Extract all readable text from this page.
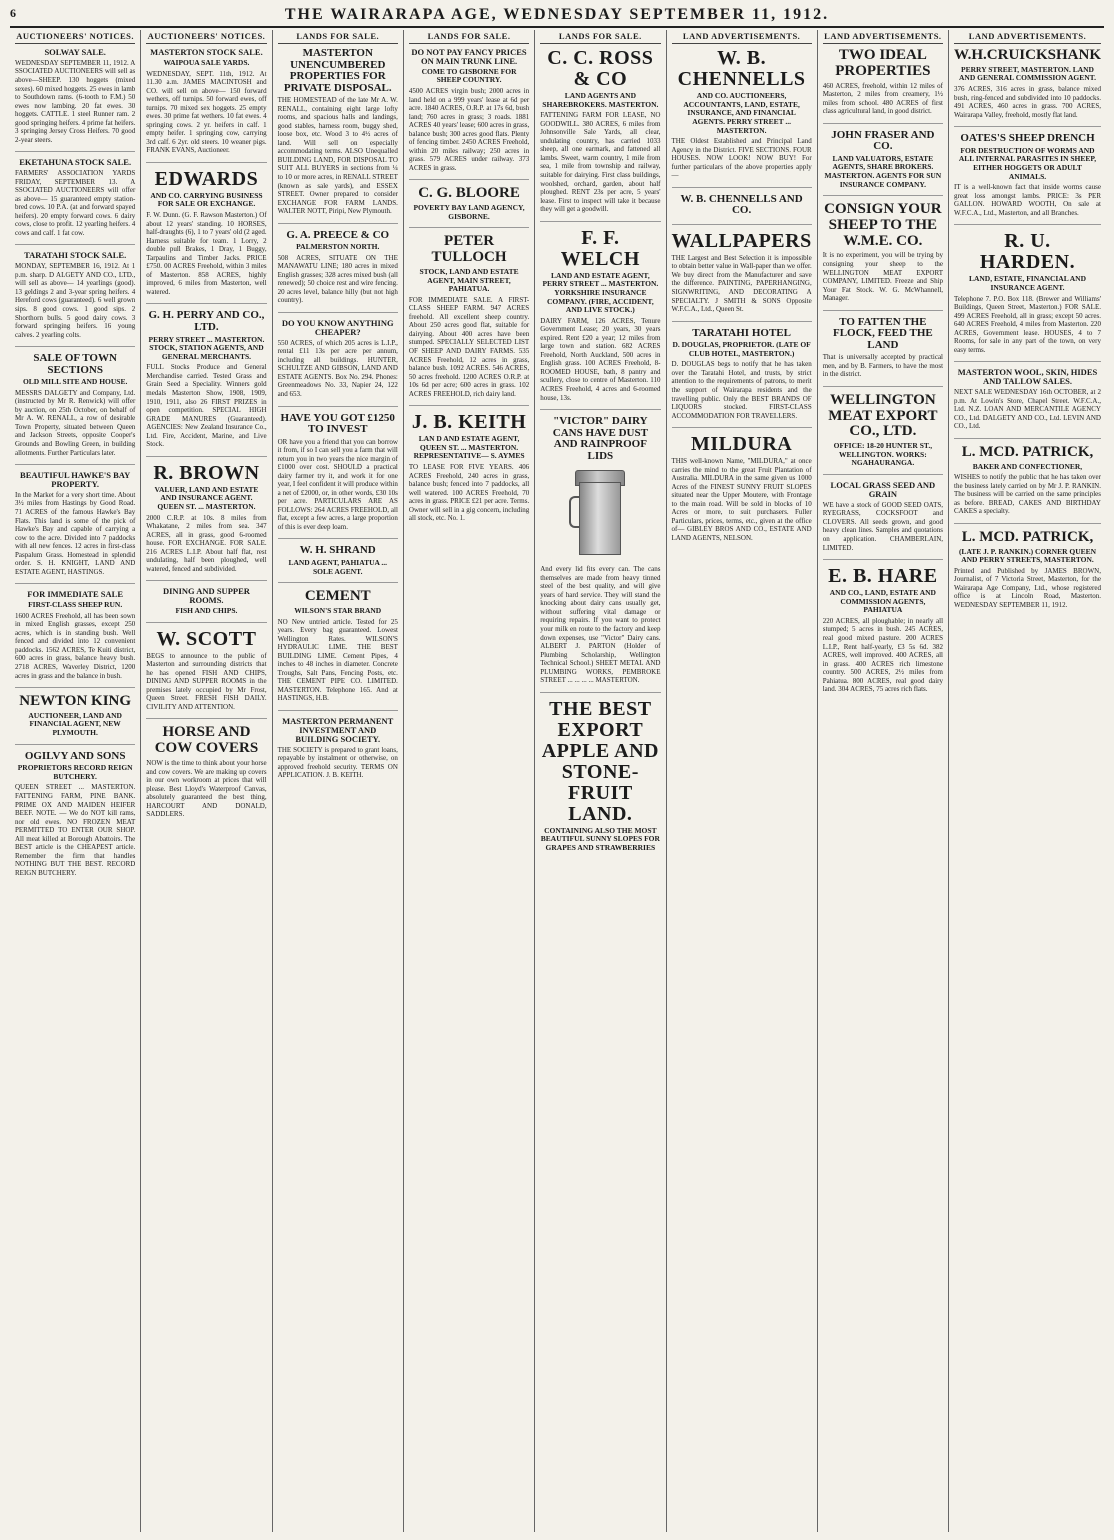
6	THE WAIRARAPA AGE, WEDNESDAY SEPTEMBER 11, 1912.
AUCTIONEERS' NOTICES.
SOLWAY SALE.
WEDNESDAY SEPTEMBER 11, 1912. A SSOCIATED AUCTIONEERS will sell as above—SHEEP. 130 hoggets (mixed sexes). 60 mixed hoggets. 25 ewes in lamb to Southdown rams. (6-tooth to F.M.) 50 ewes now lambing. 20 fat ewes. 30 hoggets. CATTLE. 1 steel Runner ram. 2 good springing heifers. 4 prime fat heifers. 3 springing Jersey Cross Heifers. 70 good 2-year steers.
EKETAHUNA STOCK SALE.
FARMERS' ASSOCIATION YARDS FRIDAY, SEPTEMBER 13. A SSOCIATED AUCTIONEERS will offer as above— 15 guaranteed empty station-bred cows. 10 P.A. (at and forward spayed heifers). 20 empty forward cows. 6 dairy cows, close to profit. 12 yearling heifers. 4 cows and calf. 1 fat cow.
TARATAHI STOCK SALE.
MONDAY, SEPTEMBER 16, 1912. At 1 p.m. sharp. D ALGETY AND CO., LTD., will sell as above— 14 yearlings (good). 13 geldings 2 and 3-year spring heifers. 4 Hereford cows (guaranteed). 6 well grown sips. 8 good cows. 1 good sips. 2 Shorthorn bulls. 5 good dairy cows. 3 forward springing heifers. 16 young calves. 2 yearling colts.
SALE OF TOWN SECTIONS
OLD MILL SITE AND HOUSE.
MESSRS DALGETY and Company, Ltd. (instructed by Mr R. Renwick) will offer by auction, on 25th October, on behalf of Mr A. W. RENALL, a row of desirable Town Property, situated between Queen and Jackson Streets, opposite Cooper's Grounds and Bowling Green, in building allotments. Further Particulars later.
BEAUTIFUL HAWKE'S BAY PROPERTY.
In the Market for a very short time. About 3½ miles from Hastings by Good Road. 71 ACRES of the famous Hawke's Bay Flats. This land is some of the pick of Hawke's Bay and capable of carrying a cow to the acre. Divided into 7 paddocks with all new fences. 12 acres in first-class Paspalum Grass. Homestead in splendid order. S. H. KNIGHT, LAND AND ESTATE AGENT, HASTINGS.
FOR IMMEDIATE SALE
FIRST-CLASS SHEEP RUN.
1600 ACRES Freehold, all has been sown in mixed English grasses, except 250 acres, which is in standing bush. Well fenced and divided into 12 convenient paddocks. 1562 ACRES, Te Kuiti district, 600 acres in grass, balance heavy bush. 2718 ACRES, Waverley District, 1200 acres in grass and the balance in bush.
NEWTON KING
AUCTIONEER, LAND AND FINANCIAL AGENT, NEW PLYMOUTH.
OGILVY AND SONS
PROPRIETORS RECORD REIGN BUTCHERY.
QUEEN STREET ... MASTERTON. FATTENING FARM, PINE BANK. PRIME OX AND MAIDEN HEIFER BEEF. NOTE. — We do NOT kill rams, nor old ewes. NO FROZEN MEAT PERMITTED TO ENTER OUR SHOP. All meat killed at Borough Abattoirs. The BEST article is the CHEAPEST article. Remember the firm that handles NOTHING BUT THE BEST. RECORD REIGN BUTCHERY.
AUCTIONEERS' NOTICES.
MASTERTON STOCK SALE.
WAIPOUA SALE YARDS.
WEDNESDAY, SEPT. 11th, 1912. At 11.30 a.m. JAMES MACINTOSH and CO. will sell on above— 150 forward wethers, off turnips. 50 forward ewes, off turnips. 70 mixed sex hoggets. 25 empty ewes. 30 prime fat wethers. 10 fat ewes. 4 springing cows. 2 yr. heifers in calf. 1 empty heifer. 1 springing cow, carrying 3rd calf. 6 2yr. old steers. 10 weaner pigs. FRANK EVANS, Auctioneer.
EDWARDS
AND CO. CARRYING BUSINESS FOR SALE OR EXCHANGE.
F. W. Dunn. (G. F. Rawson Masterton.) Of about 12 years' standing. 10 HORSES, half-draughts (6), 1 to 7 years' old (2 aged. Harness suitable for team. 1 Lorry, 2 double pull Brakes, 1 Dray, 1 Buggy, Tarpaulins and Timber Jacks. PRICE £750. 00 ACRES Freehold, within 3 miles of Masterton. 858 ACRES, highly improved, 6 miles from Masterton, well watered.
G. H. PERRY AND CO., LTD.
PERRY STREET ... MASTERTON. STOCK, STATION AGENTS, AND GENERAL MERCHANTS.
FULL Stocks Produce and General Merchandise carried. Tested Grass and Grain Seed a Speciality. Winners gold medals Masterton Show, 1908, 1909, 1910, 1911, also 26 FIRST PRIZES in open competition. SPECIAL HIGH GRADE MANURES (Guaranteed). AGENCIES: New Zealand Insurance Co., Ltd. Fire, Accident, Marine, and Live Stock.
R. BROWN
VALUER, LAND AND ESTATE AND INSURANCE AGENT. QUEEN ST. ... MASTERTON.
2000 C.R.P. at 10s. 8 miles from Whakatane, 2 miles from sea. 347 ACRES, all in grass, good 6-roomed house. FOR EXCHANGE. FOR SALE. 216 ACRES L.I.P. About half flat, rest undulating, half been ploughed, well watered, fenced and subdivided.
DINING AND SUPPER ROOMS.
FISH AND CHIPS.
W. SCOTT
BEGS to announce to the public of Masterton and surrounding districts that he has opened FISH AND CHIPS, DINING AND SUPPER ROOMS in the premises lately occupied by Mr Frost, Queen Street. FRESH FISH DAILY. CIVILITY AND ATTENTION.
HORSE AND COW COVERS
NOW is the time to think about your horse and cow covers. We are making up covers in our own workroom at prices that will please. Best Lloyd's Waterproof Canvas, absolutely guaranteed the best thing, HARCOURT AND DONALD, SADDLERS.
LANDS FOR SALE.
MASTERTON UNENCUMBERED PROPERTIES FOR PRIVATE DISPOSAL.
THE HOMESTEAD of the late Mr A. W. RENALL, containing eight large lofty rooms, and spacious halls and landings, good stables, harness room, buggy shed, loose box, etc. Wood 3 to 4½ acres of land. Will sell on especially accommodating terms. ALSO Unequalled BUILDING LAND, FOR DISPOSAL TO SUIT ALL BUYERS in sections from ¼ to 10 or more acres, in RENALL STREET (known as sale yards), and ESSEX STREET. Owner prepared to consider EXCHANGE FOR FARM LANDS. WALTER NOTT, Piripi, New Plymouth.
G. A. PREECE & CO
PALMERSTON NORTH.
508 ACRES, SITUATE ON THE MANAWATU LINE; 180 acres in mixed English grasses; 328 acres mixed bush (all renewed); 50 choice rest and wire fencing. 20 acres level, balance hilly (but not high country).
DO YOU KNOW ANYTHING CHEAPER?
550 ACRES, of which 205 acres is L.I.P., rental £11 13s per acre per annum, including all buildings. HUNTER, SCHULTZE AND GIBSON, LAND AND ESTATE AGENTS. Box No. 294. Phones: Greenmeadows No. 33, Napier 24, 122 and 653.
HAVE YOU GOT £1250 TO INVEST
OR have you a friend that you can borrow it from, if so I can sell you a farm that will return you in two years the nice margin of £1000 over cost. SHOULD a practical dairy farmer try it, and work it for one year, I feel confident it will produce within a net of £2000, or, in other words, £30 10s per acre. PARTICULARS ARE AS FOLLOWS: 264 ACRES FREEHOLD, all flat, except a few acres, a large proportion of this is ever deep loam.
W. H. SHRAND
LAND AGENT, PAHIATUA ... SOLE AGENT.
CEMENT
WILSON'S STAR BRAND
NO New untried article. Tested for 25 years. Every bag guaranteed. Lowest Wellington Rates. WILSON'S HYDRAULIC LIME. THE BEST BUILDING LIME. Cement Pipes, 4 inches to 48 inches in diameter. Concrete Troughs, Salt Pans, Fencing Posts, etc. THE CEMENT PIPE CO. LIMITED. MASTERTON. Telephone 165. And at HASTINGS, H.B.
MASTERTON PERMANENT INVESTMENT AND BUILDING SOCIETY.
THE SOCIETY is prepared to grant loans, repayable by instalment or otherwise, on approved freehold security. TERMS ON APPLICATION. J. B. KEITH.
LANDS FOR SALE.
DO NOT PAY FANCY PRICES ON MAIN TRUNK LINE.
COME TO GISBORNE FOR SHEEP COUNTRY.
4500 ACRES virgin bush; 2000 acres in land held on a 999 years' lease at 6d per acre. 1840 ACRES, O.R.P. at 17s 6d, bush land; 760 acres in grass; 3 roads. 1881 ACRES 40 years' lease; 600 acres in grass, balance bush; 300 acres good flats. Plenty of fencing timber. 2450 ACRES Freehold, within 20 miles railway; 250 acres in grass. 579 ACRES under railway. 373 ACRES in grass.
C. G. BLOORE
POVERTY BAY LAND AGENCY, GISBORNE.
PETER TULLOCH
STOCK, LAND AND ESTATE AGENT, MAIN STREET, PAHIATUA.
FOR IMMEDIATE SALE. A FIRST-CLASS SHEEP FARM. 947 ACRES freehold. All excellent sheep country. About 250 acres good flat, suitable for dairying. About 400 acres have been stumped. SPECIALLY SELECTED LIST OF SHEEP AND DAIRY FARMS. 535 ACRES Freehold, 12 acres in grass, balance bush. 1092 ACRES. 546 ACRES, 50 acres freehold. 1200 ACRES O.R.P. at 10s 6d per acre; 600 acres in grass. 102 ACRES FREEHOLD, rich dairy land.
J. B. KEITH
LAN D AND ESTATE AGENT, QUEEN ST. ... MASTERTON. REPRESENTATIVE— S. AYMES
TO LEASE FOR FIVE YEARS. 406 ACRES Freehold, 240 acres in grass, balance bush; fenced into 7 paddocks, all well watered. 100 ACRES Freehold, 70 acres in grass. PRICE £21 per acre. Terms. Owner will sell in a gig concern, including all stock, etc. No. 1.
LANDS FOR SALE.
C. C. ROSS & CO
LAND AGENTS AND SHAREBROKERS. MASTERTON.
FATTENING FARM FOR LEASE, NO GOODWILL. 380 ACRES, 6 miles from Johnsonville Sale Yards, all clear, undulating country, has carried 1033 sheep, all one earmark, and fattened all lambs. Sweet, warm country, 1 mile from sea, 1 mile from township and railway, suitable for dairying. First class buildings, woolshed, orchard, garden, about half ploughed. RENT 23s per acre, 5 years' lease. First to inspect will take it because they will get a goodwill.
F. F. WELCH
LAND AND ESTATE AGENT, PERRY STREET ... MASTERTON. YORKSHIRE INSURANCE COMPANY. (FIRE, ACCIDENT, AND LIVE STOCK.)
DAIRY FARM, 126 ACRES, Tenure Government Lease; 20 years, 30 years expired. Rent £20 a year; 12 miles from large town and station. 682 ACRES Freehold, North Auckland, 500 acres in English grass. 100 ACRES Freehold, 8-ROOMED HOUSE, bath, 8 pantry and scullery, close to centre of Masterton. 110 ACRES Freehold, 4 acres and 6-roomed house, 13s.
"VICTOR" DAIRY CANS HAVE DUST AND RAINPROOF LIDS
And every lid fits every can. The cans themselves are made from heavy tinned steel of the best quality, and will give years of hard service. They will stand the knocking about dairy cans usually get, without suffering vital damage or requiring repairs. If you want to protect your milk en route to the factory and keep down expenses, use "Victor" Dairy cans. ALBERT J. PARTON (Holder of Plumbing Scholarship, Wellington Technical School.) SHEET METAL AND PLUMBING WORKS, PEMBROKE STREET ... ... ... ... MASTERTON.
THE BEST EXPORT APPLE AND STONE-FRUIT LAND.
CONTAINING ALSO THE MOST BEAUTIFUL SUNNY SLOPES FOR GRAPES AND STRAWBERRIES
LAND ADVERTISEMENTS.
W. B. CHENNELLS
AND CO. AUCTIONEERS, ACCOUNTANTS, LAND, ESTATE, INSURANCE, AND FINANCIAL AGENTS. PERRY STREET ... MASTERTON.
THE Oldest Established and Principal Land Agency in the District. FIVE SECTIONS. FOUR HOUSES. NOW LOOK! NOW BUY! For further particulars of the above properties apply—
W. B. CHENNELLS AND CO.
WALLPAPERS
THE Largest and Best Selection it is impossible to obtain better value in Wall-paper than we offer. We buy direct from the Manufacturer and save the difference. PAINTING, PAPERHANGING, SIGNWRITING, AND DECORATING A SPECIALTY. J SMITH & SONS Opposite W.F.C.A., Ltd., Queen St.
TARATAHI HOTEL
D. DOUGLAS, PROPRIETOR. (LATE OF CLUB HOTEL, MASTERTON.)
D. DOUGLAS begs to notify that he has taken over the Taratahi Hotel, and trusts, by strict attention to the requirements of patrons, to merit the support of Wairarapa residents and the travelling public. Only the BEST BRANDS OF LIQUORS stocked. FIRST-CLASS ACCOMMODATION FOR TRAVELLERS.
MILDURA
THIS well-known Name, "MILDURA," at once carries the mind to the great Fruit Plantation of Australia. MILDURA in the same given us 1000 Acres of the FINEST SUNNY FRUIT SLOPES situated near the Upper Moutere, with Frontage to the main road. Will be sold in blocks of 10 Acres or more, to suit purchasers. Fuller Particulars, prices, terms, etc., given at the office of— GIBLEY BROS AND CO., ESTATE AND LAND AGENTS, NELSON.
LAND ADVERTISEMENTS.
TWO IDEAL PROPERTIES
460 ACRES, freehold, within 12 miles of Masterton, 2 miles from creamery, 1½ miles from school. 480 ACRES of first class agricultural land, in good district.
JOHN FRASER AND CO.
LAND VALUATORS, ESTATE AGENTS, SHARE BROKERS. MASTERTON. AGENTS FOR SUN INSURANCE COMPANY.
CONSIGN YOUR SHEEP TO THE W.M.E. CO.
It is no experiment, you will be trying by consigning your sheep to the WELLINGTON MEAT EXPORT COMPANY, LIMITED. Freeze and Ship Your Fat Stock. W. G. McWhannell, Manager.
TO FATTEN THE FLOCK, FEED THE LAND
That is universally accepted by practical men, and by B. Farmers, to have the most in the district.
WELLINGTON MEAT EXPORT CO., LTD.
OFFICE: 18-20 HUNTER ST., WELLINGTON. WORKS: NGAHAURANGA.
LOCAL GRASS SEED AND GRAIN
WE have a stock of GOOD SEED OATS, RYEGRASS, COCKSFOOT and CLOVERS. All seeds grown, and good heavy clean lines. Samples and quotations on application. CHAMBERLAIN, LIMITED.
E. B. HARE
AND CO., LAND, ESTATE AND COMMISSION AGENTS, PAHIATUA
220 ACRES, all ploughable; in nearly all stumped; 5 acres in bush. 245 ACRES, real good mixed pasture. 200 ACRES L.I.P., Rent half-yearly, £3 5s 6d. 382 ACRES, well improved. 400 ACRES, all in grass. 400 ACRES rich limestone country. 500 ACRES, 2½ miles from Pahiatua. 800 ACRES, real good dairy land. 304 ACRES, 75 acres rich flats.
LAND ADVERTISEMENTS.
W.H.CRUICKSHANK
PERRY STREET, MASTERTON. LAND AND GENERAL COMMISSION AGENT.
376 ACRES, 316 acres in grass, balance mixed bush, ring-fenced and subdivided into 10 paddocks. 491 ACRES, 460 acres in grass. 700 ACRES, Wairarapa Valley, freehold, mostly flat land.
OATES'S SHEEP DRENCH
FOR DESTRUCTION OF WORMS AND ALL INTERNAL PARASITES IN SHEEP, EITHER HOGGETS OR ADULT ANIMALS.
IT is a well-known fact that inside worms cause great loss amongst lambs. PRICE: 3s PER GALLON. HOWARD WOOTH, On sale at W.F.C.A., Ltd., Masterton, and all Branches.
R. U. HARDEN.
LAND, ESTATE, FINANCIAL AND INSURANCE AGENT.
Telephone 7. P.O. Box 118. (Brewer and Williams' Buildings, Queen Street, Masterton.) FOR SALE. 499 ACRES Freehold, all in grass; except 50 acres. 640 ACRES Freehold, 4 miles from Masterton. 220 ACRES, Government lease. HOUSES, 4 to 7 Rooms, for sale in any part of the town, on very easy terms.
MASTERTON WOOL, SKIN, HIDES AND TALLOW SALES.
NEXT SALE WEDNESDAY 16th OCTOBER, at 2 p.m. At Lowin's Store, Chapel Street. W.F.C.A., Ltd. N.Z. LOAN AND MERCANTILE AGENCY CO., Ltd. DALGETY AND CO., Ltd. LEVIN AND CO., Ltd.
L. MCD. PATRICK,
BAKER AND CONFECTIONER,
WISHES to notify the public that he has taken over the business lately carried on by Mr J. P. RANKIN. The business will be carried on the same principles as before. BREAD, CAKES AND BIRTHDAY CAKES a specialty.
L. MCD. PATRICK,
(LATE J. P. RANKIN.) CORNER QUEEN AND PERRY STREETS, MASTERTON.
Printed and Published by JAMES BROWN, Journalist, of 7 Victoria Street, Masterton, for the Wairarapa Age Company, Ltd., whose registered office is at Lincoln Road, Masterton. WEDNESDAY SEPTEMBER 11, 1912.
